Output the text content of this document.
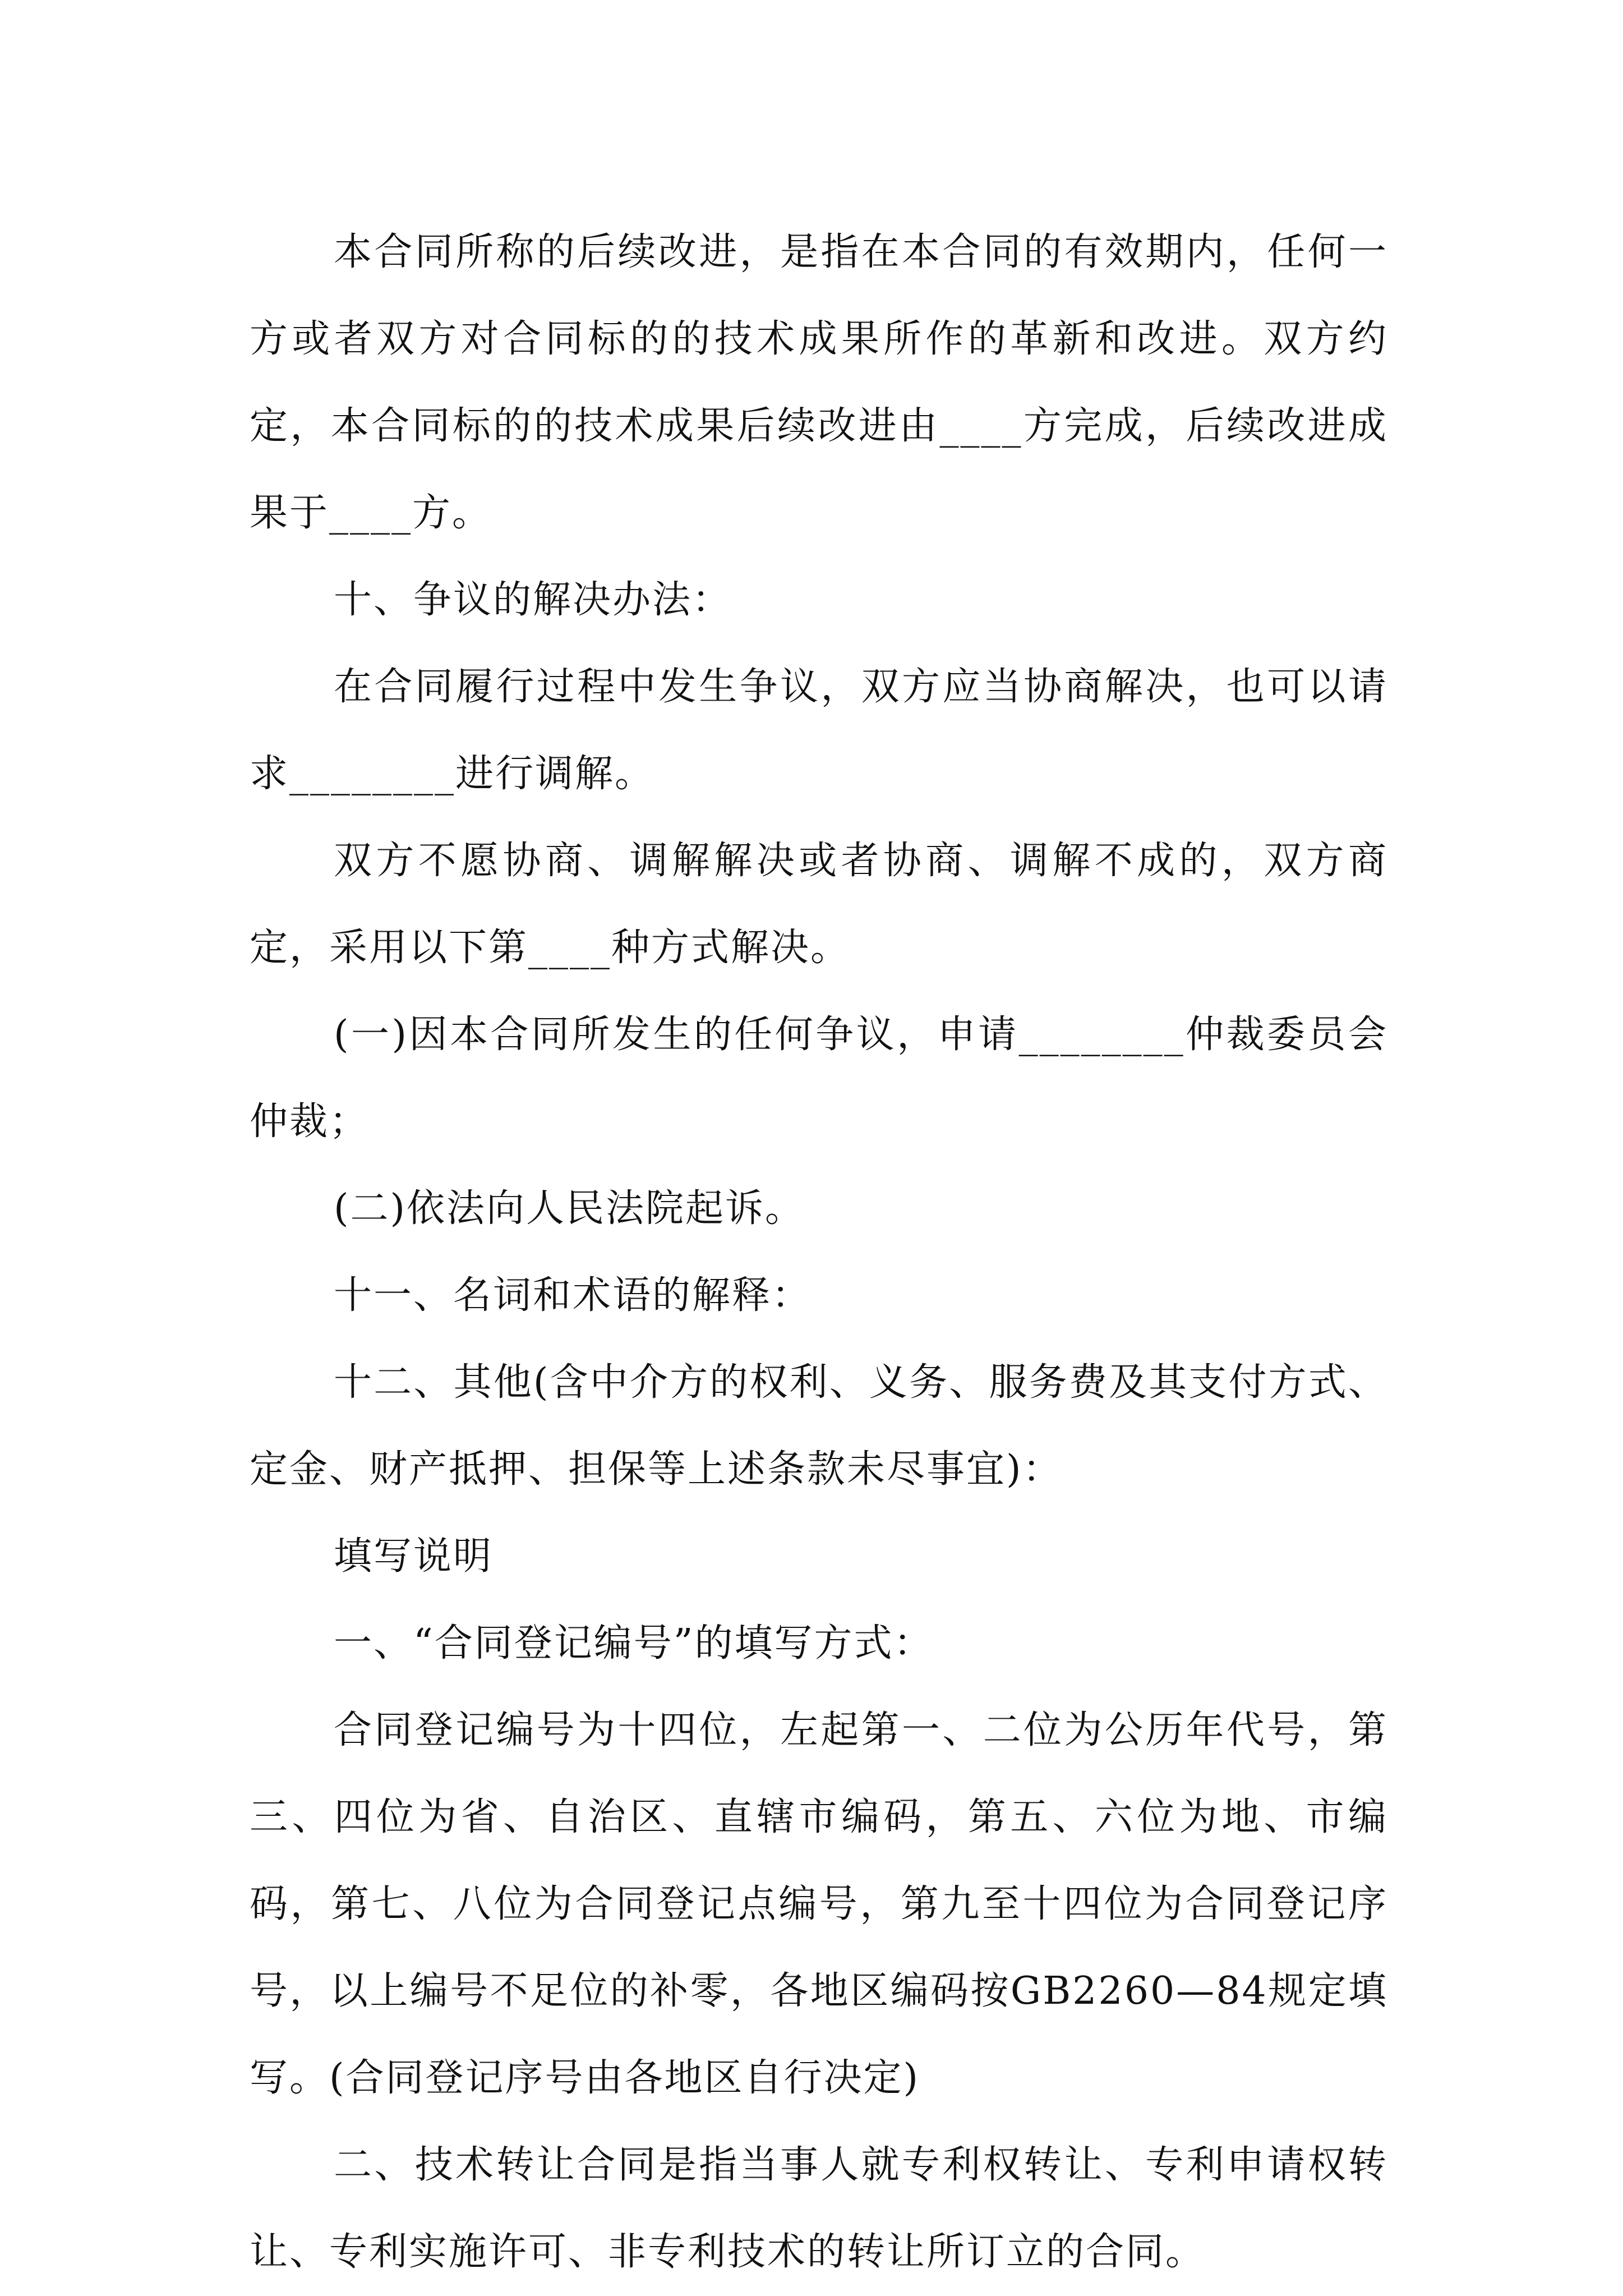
本合同所称的后续改进，是指在本合同的有效期内，任何一方或者双方对合同标的的技术成果所作的革新和改进。双方约定，本合同标的的技术成果后续改进由____方完成，后续改进成果于____方。

十、争议的解决办法：

在合同履行过程中发生争议，双方应当协商解决，也可以请求________进行调解。

双方不愿协商、调解解决或者协商、调解不成的，双方商定，采用以下第____种方式解决。

(一)因本合同所发生的任何争议，申请________仲裁委员会仲裁；

(二)依法向人民法院起诉。

十一、名词和术语的解释：

十二、其他(含中介方的权利、义务、服务费及其支付方式、定金、财产抵押、担保等上述条款未尽事宜)：

填写说明

一、“合同登记编号”的填写方式：

合同登记编号为十四位，左起第一、二位为公历年代号，第三、四位为省、自治区、直辖市编码，第五、六位为地、市编码，第七、八位为合同登记点编号，第九至十四位为合同登记序号，以上编号不足位的补零，各地区编码按GB2260—84规定填写。(合同登记序号由各地区自行决定)

二、技术转让合同是指当事人就专利权转让、专利申请权转让、专利实施许可、非专利技术的转让所订立的合同。
